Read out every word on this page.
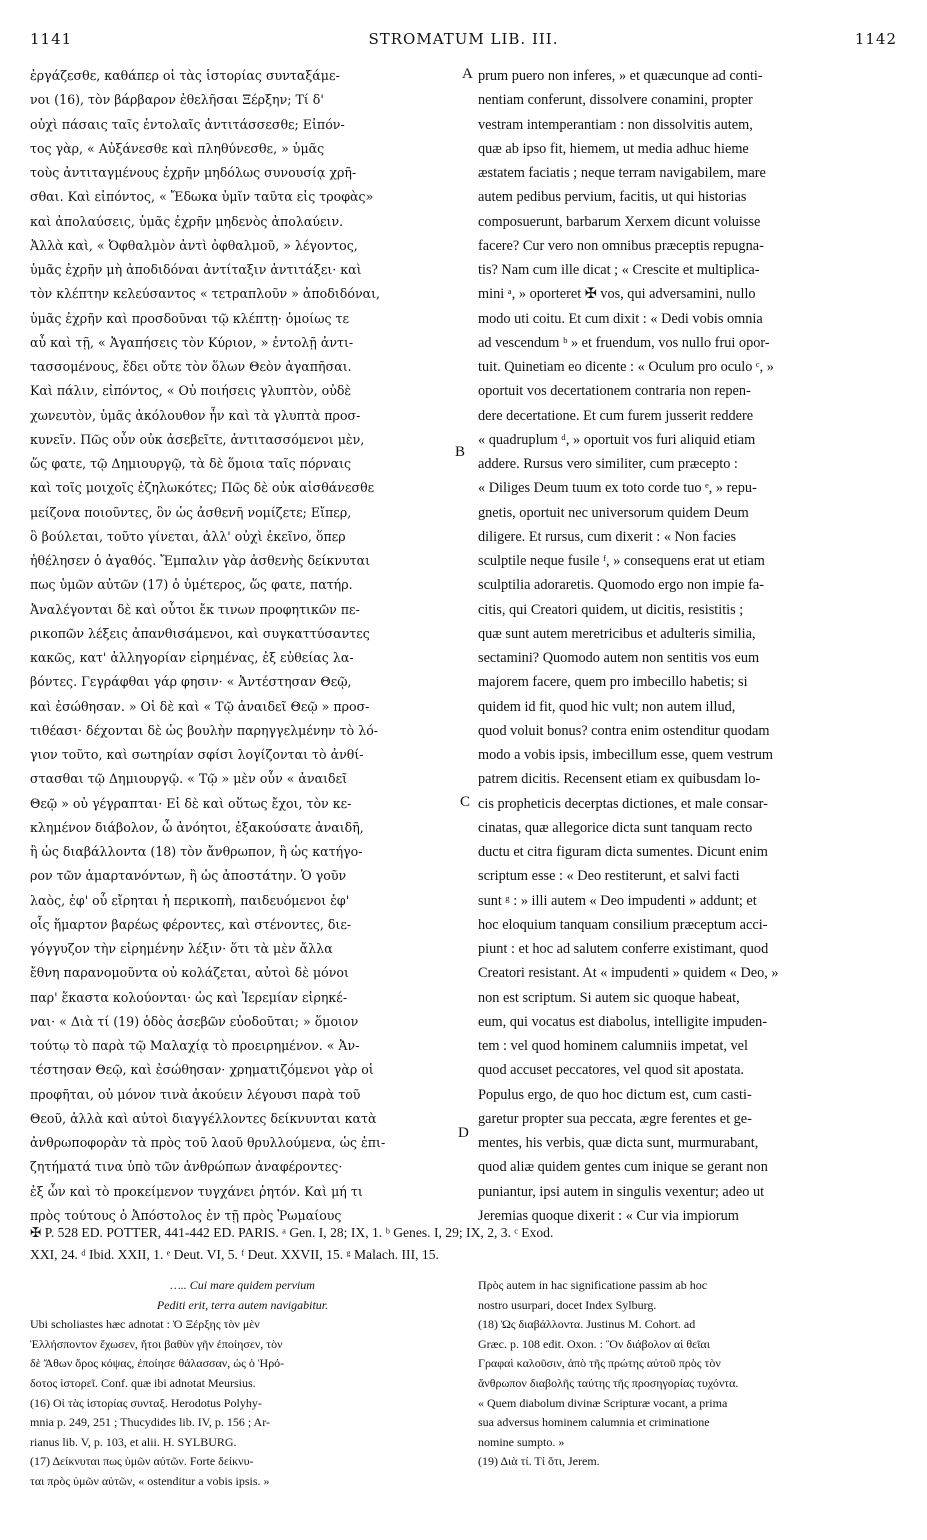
1141	STROMATUM LIB. III.	1142
ἐργάζεσθε, καθάπερ οἱ τὰς ἱστορίας συνταξάμε-
νοι (16), τὸν βάρβαρον ἐθελῆσαι Ξέρξην; Τί δ'
οὐχὶ πάσαις ταῖς ἐντολαῖς ἀντιτάσσεσθε; Εἰπόν-
τος γὰρ, « Αὐξάνεσθε καὶ πληθύνεσθε, » ὑμᾶς
τοὺς ἀντιταγμένους ἐχρῆν μηδόλως συνουσίᾳ χρῆ-
σθαι. Καὶ εἰπόντος, « Ἔδωκα ὑμῖν ταῦτα εἰς τροφὰς»
καὶ ἀπολαύσεις, ὑμᾶς ἐχρῆν μηδενὸς ἀπολαύειν.
Ἀλλὰ καὶ, « Ὀφθαλμὸν ἀντὶ ὀφθαλμοῦ, » λέγοντος,
ὑμᾶς ἐχρῆν μὴ ἀποδιδόναι ἀντίταξιν ἀντιτάξει· καὶ
τὸν κλέπτην κελεύσαντος « τετραπλοῦν » ἀποδιδόναι,
ὑμᾶς ἐχρῆν καὶ προσδοῦναι τῷ κλέπτῃ· ὁμοίως τε
αὖ καὶ τῇ, « Ἀγαπήσεις τὸν Κύριον, » ἐντολῇ ἀντι-
τασσομένους, ἔδει οὔτε τὸν ὅλων Θεὸν ἀγαπῆσαι.
Καὶ πάλιν, εἰπόντος, « Οὐ ποιήσεις γλυπτὸν, οὐδὲ
χωνευτὸν, ὑμᾶς ἀκόλουθον ἦν καὶ τὰ γλυπτὰ προσ-
κυνεῖν. Πῶς οὖν οὐκ ἀσεβεῖτε, ἀντιτασσόμενοι μὲν,
ὥς φατε, τῷ Δημιουργῷ, τὰ δὲ ὅμοια ταῖς πόρναις
καὶ τοῖς μοιχοῖς ἐζηλωκότες; Πῶς δὲ οὐκ αἰσθάνεσθε
μείζονα ποιοῦντες, ὃν ὡς ἀσθενῆ νομίζετε; Εἴπερ,
ὃ βούλεται, τοῦτο γίνεται, ἀλλ' οὐχὶ ἐκεῖνο, ὅπερ
ἠθέλησεν ὁ ἀγαθός. Ἔμπαλιν γὰρ ἀσθενὴς δείκνυται
πως ὑμῶν αὐτῶν (17) ὁ ὑμέτερος, ὥς φατε, πατήρ.
Ἀναλέγονται δὲ καὶ οὗτοι ἔκ τινων προφητικῶν πε-
ρικοπῶν λέξεις ἀπανθισάμενοι, καὶ συγκαττύσαντες
κακῶς, κατ' ἀλληγορίαν εἰρημένας, ἐξ εὐθείας λα-
βόντες. Γεγράφθαι γάρ φησιν· « Ἀντέστησαν Θεῷ,
καὶ ἐσώθησαν. » Οἱ δὲ καὶ « Τῷ ἀναιδεῖ Θεῷ » προσ-
τιθέασι· δέχονται δὲ ὡς βουλὴν παρηγγελμένην τὸ λό-
γιον τοῦτο, καὶ σωτηρίαν σφίσι λογίζονται τὸ ἀνθί-
στασθαι τῷ Δημιουργῷ. « Τῷ » μὲν οὖν « ἀναιδεῖ
Θεῷ » οὐ γέγραπται· Εἰ δὲ καὶ οὕτως ἔχοι, τὸν κε-
κλημένον διάβολον, ὦ ἀνόητοι, ἐξακούσατε ἀναιδῆ,
ἢ ὡς διαβάλλοντα (18) τὸν ἄνθρωπον, ἢ ὡς κατήγο-
ρον τῶν ἁμαρτανόντων, ἢ ὡς ἀποστάτην. Ὁ γοῦν
λαὸς, ἐφ' οὗ εἴρηται ἡ περικοπὴ, παιδευόμενοι ἐφ'
οἷς ἥμαρτον βαρέως φέροντες, καὶ στένοντες, διε-
γόγγυζον τὴν εἰρημένην λέξιν· ὅτι τὰ μὲν ἄλλα
ἔθνη παρανομοῦντα οὐ κολάζεται, αὐτοὶ δὲ μόνοι
παρ' ἕκαστα κολούονται· ὡς καὶ Ἱερεμίαν εἰρηκέ-
ναι· « Διὰ τί (19) ὁδὸς ἀσεβῶν εὐοδοῦται; » ὅμοιον
τούτῳ τὸ παρὰ τῷ Μαλαχίᾳ τὸ προειρημένον. « Ἀν-
τέστησαν Θεῷ, καὶ ἐσώθησαν· χρηματιζόμενοι γὰρ οἱ
προφῆται, οὐ μόνον τινὰ ἀκούειν λέγουσι παρὰ τοῦ
Θεοῦ, ἀλλὰ καὶ αὐτοὶ διαγγέλλοντες δείκνυνται κατὰ
ἀνθρωποφορὰν τὰ πρὸς τοῦ λαοῦ θρυλλούμενα, ὡς ἐπι-
ζητήματά τινα ὑπὸ τῶν ἀνθρώπων ἀναφέροντες·
ἐξ ὧν καὶ τὸ προκείμενον τυγχάνει ῥητόν. Καὶ μή τι
πρὸς τούτους ὁ Ἀπόστολος ἐν τῇ πρὸς Ῥωμαίους
prum puero non inferes, » et quæcunque ad conti-
nentiam conferunt, dissolvere conamini, propter
vestram intemperantiam : non dissolvitis autem,
quæ ab ipso fit, hiemem, ut media adhuc hieme
æstatem faciatis ; neque terram navigabilem, mare
autem pedibus pervium, facitis, ut qui historias
composuerunt, barbarum Xerxem dicunt voluisse
facere? Cur vero non omnibus præceptis repugna-
tis? Nam cum ille dicat ; « Crescite et multiplica-
mini ᵃ, » oporteret ✠ vos, qui adversamini, nullo
modo uti coitu. Et cum dixit : « Dedi vobis omnia
ad vescendum ᵇ » et fruendum, vos nullo frui opor-
tuit. Quinetiam eo dicente : « Oculum pro oculo ᶜ, »
oportuit vos decertationem contraria non repen-
dere decertatione. Et cum furem jusserit reddere
« quadruplum ᵈ, » oportuit vos furi aliquid etiam
addere. Rursus vero similiter, cum præcepto :
« Diliges Deum tuum ex toto corde tuo ᵉ, » repu-
gnetis, oportuit nec universorum quidem Deum
diligere. Et rursus, cum dixerit : « Non facies
sculptile neque fusile ᶠ, » consequens erat ut etiam
sculptilia adoraretis. Quomodo ergo non impie fa-
citis, qui Creatori quidem, ut dicitis, resistitis ;
quæ sunt autem meretricibus et adulteris similia,
sectamini? Quomodo autem non sentitis vos eum
majorem facere, quem pro imbecillo habetis; si
quidem id fit, quod hic vult; non autem illud,
quod voluit bonus? contra enim ostenditur quodam
modo a vobis ipsis, imbecillum esse, quem vestrum
patrem dicitis. Recensent etiam ex quibusdam lo-
cis propheticis decerptas dictiones, et male consar-
cinatas, quæ allegorice dicta sunt tanquam recto
ductu et citra figuram dicta sumentes. Dicunt enim
scriptum esse : « Deo restiterunt, et salvi facti
sunt ᵍ : » illi autem « Deo impudenti » addunt; et
hoc eloquium tanquam consilium præceptum acci-
piunt : et hoc ad salutem conferre existimant, quod
Creatori resistant. At « impudenti » quidem « Deo, »
non est scriptum. Si autem sic quoque habeat,
eum, qui vocatus est diabolus, intelligite impuden-
tem : vel quod hominem calumniis impetat, vel
quod accuset peccatores, vel quod sit apostata.
Populus ergo, de quo hoc dictum est, cum casti-
garetur propter sua peccata, ægre ferentes et ge-
mentes, his verbis, quæ dicta sunt, murmurabant,
quod aliæ quidem gentes cum inique se gerant non
puniantur, ipsi autem in singulis vexentur; adeo ut
Jeremias quoque dixerit : « Cur via impiorum
A
B
C
D
✠ P. 528 ED. POTTER, 441-442 ED. PARIS. ᵃ Gen. I, 28; IX, 1. ᵇ Genes. I, 29; IX, 2, 3. ᶜ Exod.
XXI, 24. ᵈ Ibid. XXII, 1. ᵉ Deut. VI, 5. ᶠ Deut. XXVII, 15. ᵍ Malach. III, 15.
….. Cui mare quidem pervium
Pediti erit, terra autem navigabitur.
Ubi scholiastes hæc adnotat : Ὁ Ξέρξης τὸν μὲν
Ἑλλήσποντον ἔχωσεν, ἤτοι βαθὺν γῆν ἐποίησεν, τὸν
δὲ Ἄθων ὄρος κόψας, ἐποίησε θάλασσαν, ὡς ὁ Ἡρό-
δοτος ἱστορεῖ. Conf. quæ ibi adnotat Meursius.
(16) Οἱ τὰς ἱστορίας συνταξ. Herodotus Polyhy-
mnia p. 249, 251 ; Thucydides lib. IV, p. 156 ; Ar-
rianus lib. V, p. 103, et alii. H. SYLBURG.
(17) Δείκνυται πως ὑμῶν αὐτῶν. Forte δείκνυ-
ται πρὸς ὑμῶν αὐτῶν, « ostenditur a vobis ipsis. »
Πρὸς autem in hac significatione passim ab hoc
nostro usurpari, docet Index Sylburg.
(18) Ὡς διαβάλλοντα. Justinus M. Cohort. ad
Græc. p. 108 edit. Oxon. : Ὃν διάβολον αἱ θεῖαι
Γραφαὶ καλοῦσιν, ἀπὸ τῆς πρώτης αὐτοῦ πρὸς τὸν
ἄνθρωπον διαβολῆς ταύτης τῆς προσηγορίας τυχόντα.
« Quem diabolum divinæ Scripturæ vocant, a prima
sua adversus hominem calumnia et criminatione
nomine sumpto. »
(19) Διὰ τί. Τί ὅτι, Jerem.
